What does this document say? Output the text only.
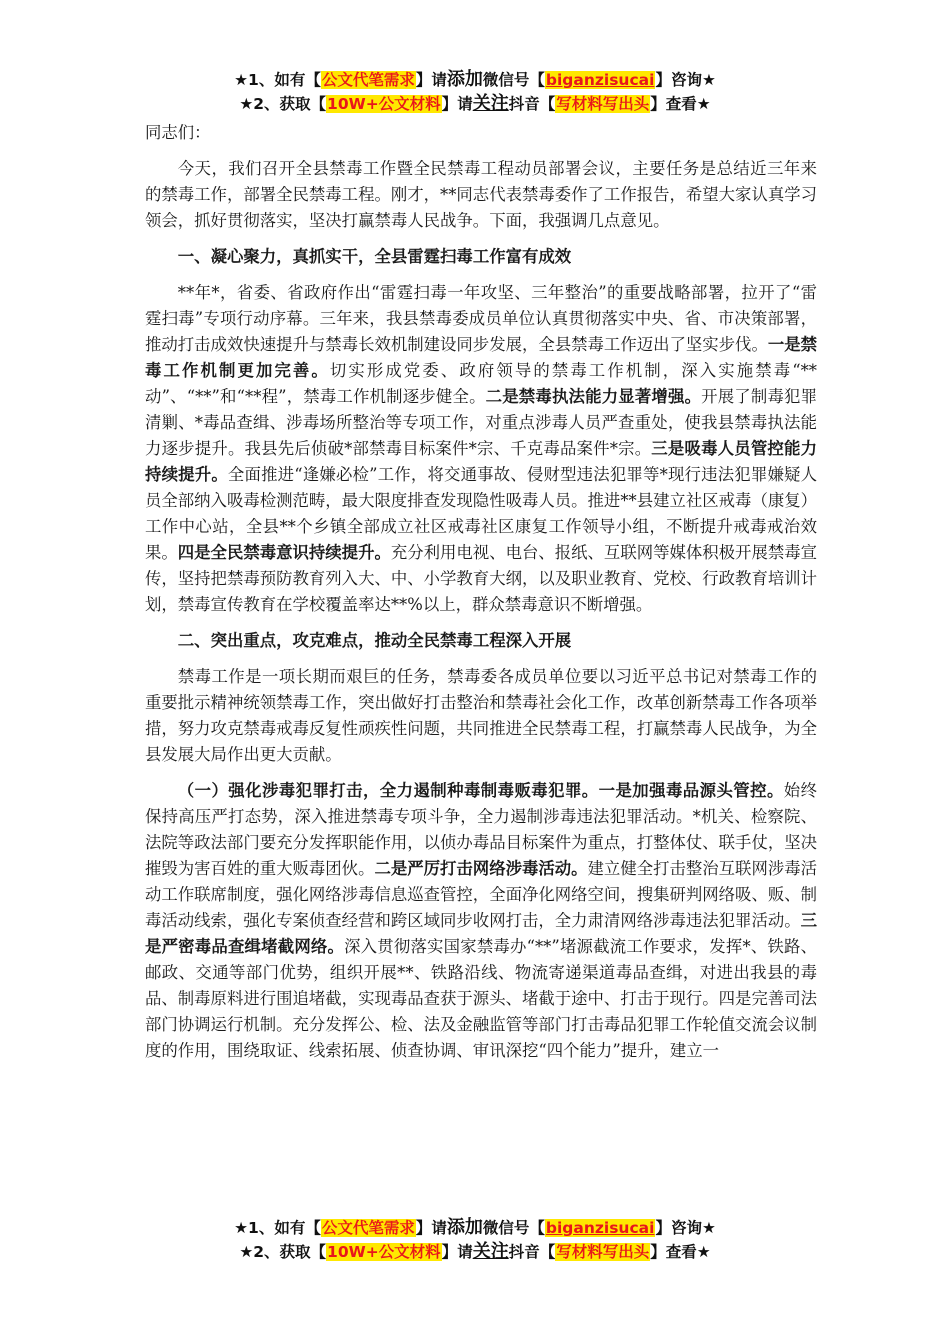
★1、如有【公文代笔需求】请添加微信号【biganzisucai】咨询★
★2、获取【10W+公文材料】请关注抖音【写材料写出头】查看★

同志们：

今天，我们召开全县禁毒工作暨全民禁毒工程动员部署会议，主要任务是总结近三年来的禁毒工作，部署全民禁毒工程。刚才，**同志代表禁毒委作了工作报告，希望大家认真学习领会，抓好贯彻落实，坚决打赢禁毒人民战争。下面，我强调几点意见。

一、凝心聚力，真抓实干，全县雷霆扫毒工作富有成效

**年*，省委、省政府作出“雷霆扫毒一年攻坚、三年整治”的重要战略部署，拉开了“雷霆扫毒”专项行动序幕。三年来，我县禁毒委成员单位认真贯彻落实中央、省、市决策部署，推动打击成效快速提升与禁毒长效机制建设同步发展，全县禁毒工作迈出了坚实步伐。一是禁毒工作机制更加完善。切实形成党委、政府领导的禁毒工作机制，深入实施禁毒“**动”、“**”和“**程”，禁毒工作机制逐步健全。二是禁毒执法能力显著增强。开展了制毒犯罪清剿、*毒品查缉、涉毒场所整治等专项工作，对重点涉毒人员严查重处，使我县禁毒执法能力逐步提升。我县先后侦破*部禁毒目标案件*宗、千克毒品案件*宗。三是吸毒人员管控能力持续提升。全面推进“逢嫌必检”工作，将交通事故、侵财型违法犯罪等*现行违法犯罪嫌疑人员全部纳入吸毒检测范畴，最大限度排查发现隐性吸毒人员。推进**县建立社区戒毒（康复）工作中心站，全县**个乡镇全部成立社区戒毒社区康复工作领导小组，不断提升戒毒戒治效果。四是全民禁毒意识持续提升。充分利用电视、电台、报纸、互联网等媒体积极开展禁毒宣传，坚持把禁毒预防教育列入大、中、小学教育大纲，以及职业教育、党校、行政教育培训计划，禁毒宣传教育在学校覆盖率达**%以上，群众禁毒意识不断增强。

二、突出重点，攻克难点，推动全民禁毒工程深入开展

禁毒工作是一项长期而艰巨的任务，禁毒委各成员单位要以习近平总书记对禁毒工作的重要批示精神统领禁毒工作，突出做好打击整治和禁毒社会化工作，改革创新禁毒工作各项举措，努力攻克禁毒戒毒反复性顽疾性问题，共同推进全民禁毒工程，打赢禁毒人民战争，为全县发展大局作出更大贡献。

（一）强化涉毒犯罪打击，全力遏制种毒制毒贩毒犯罪。一是加强毒品源头管控。始终保持高压严打态势，深入推进禁毒专项斗争，全力遏制涉毒违法犯罪活动。*机关、检察院、法院等政法部门要充分发挥职能作用，以侦办毒品目标案件为重点，打整体仗、联手仗，坚决摧毁为害百姓的重大贩毒团伙。二是严厉打击网络涉毒活动。建立健全打击整治互联网涉毒活动工作联席制度，强化网络涉毒信息巡查管控，全面净化网络空间，搜集研判网络吸、贩、制毒活动线索，强化专案侦查经营和跨区域同步收网打击，全力肃清网络涉毒违法犯罪活动。三是严密毒品查缉堵截网络。深入贯彻落实国家禁毒办“**”堵源截流工作要求，发挥*、铁路、邮政、交通等部门优势，组织开展**、铁路沿线、物流寄递渠道毒品查缉，对进出我县的毒品、制毒原料进行围追堵截，实现毒品查获于源头、堵截于途中、打击于现行。四是完善司法部门协调运行机制。充分发挥公、检、法及金融监管等部门打击毒品犯罪工作轮值交流会议制度的作用，围绕取证、线索拓展、侦查协调、审讯深挖“四个能力”提升，建立一

★1、如有【公文代笔需求】请添加微信号【biganzisucai】咨询★
★2、获取【10W+公文材料】请关注抖音【写材料写出头】查看★
